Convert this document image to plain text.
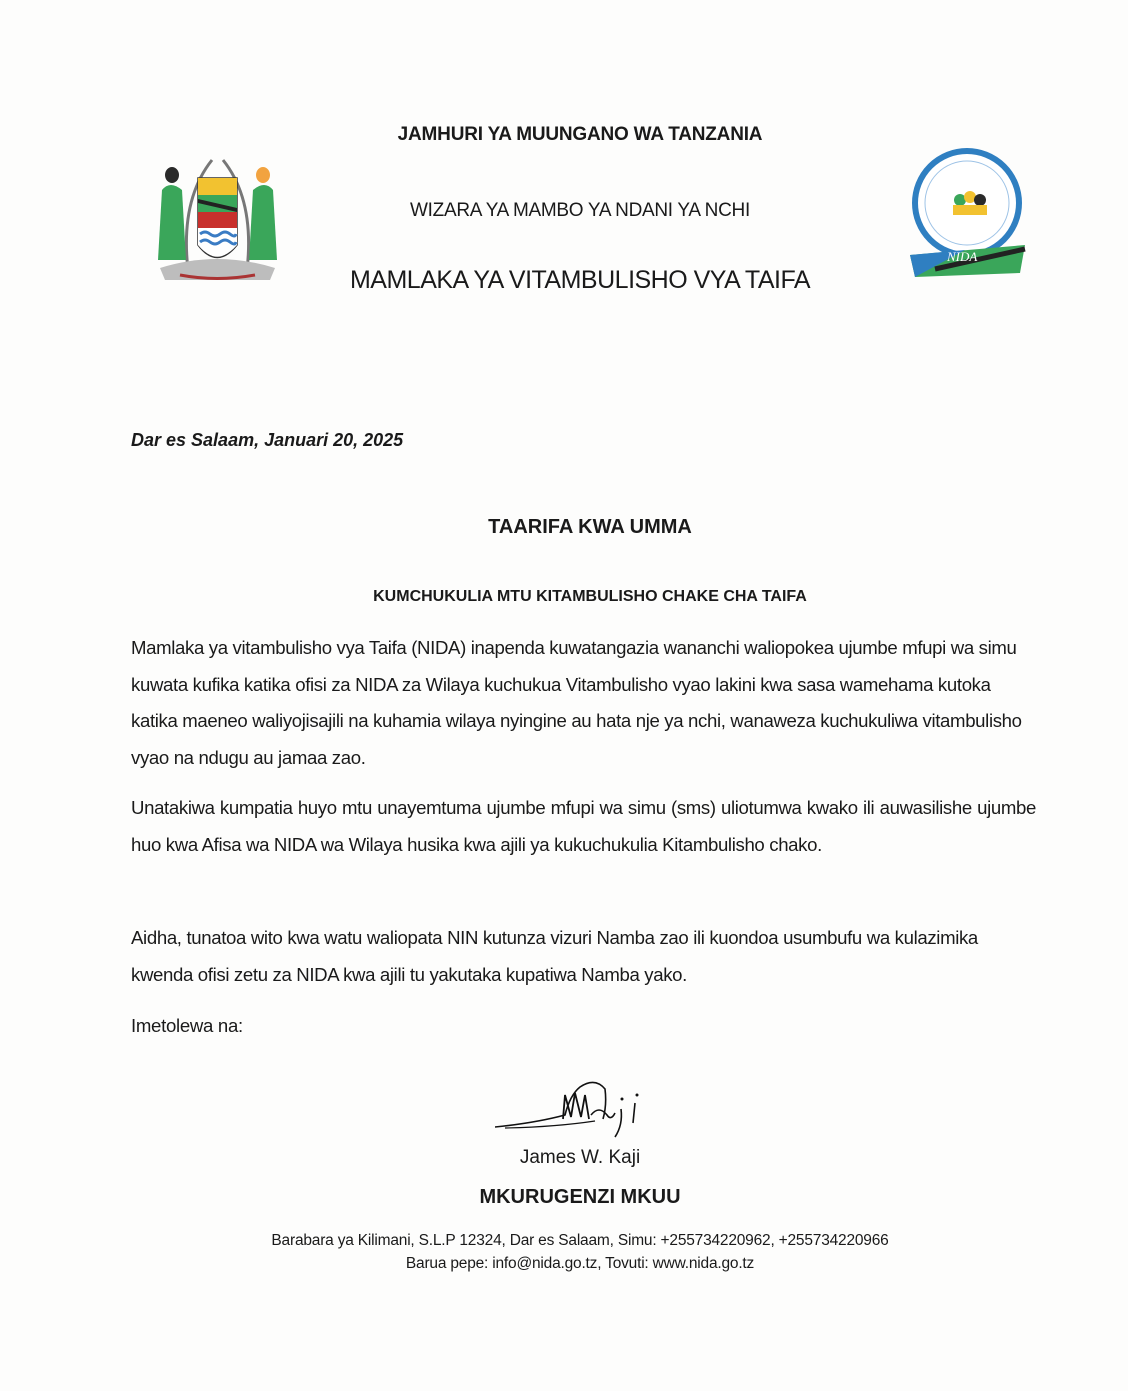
JAMHURI YA MUUNGANO WA TANZANIA
WIZARA YA MAMBO YA NDANI YA NCHI
MAMLAKA YA VITAMBULISHO VYA TAIFA
NIDA
Dar es Salaam, Januari 20, 2025
TAARIFA KWA UMMA
KUMCHUKULIA MTU KITAMBULISHO CHAKE CHA TAIFA
Mamlaka ya vitambulisho vya Taifa (NIDA) inapenda kuwatangazia wananchi waliopokea ujumbe mfupi wa simu kuwata kufika katika ofisi za NIDA za Wilaya kuchukua Vitambulisho vyao lakini kwa sasa wamehama kutoka katika maeneo waliyojisajili na kuhamia wilaya nyingine au hata nje ya nchi, wanaweza kuchukuliwa vitambulisho vyao na ndugu au jamaa zao.
Unatakiwa kumpatia huyo mtu unayemtuma ujumbe mfupi wa simu (sms) uliotumwa kwako ili auwasilishe ujumbe huo kwa Afisa wa NIDA wa Wilaya husika kwa ajili ya kukuchukulia Kitambulisho chako.
Aidha, tunatoa wito kwa watu waliopata NIN kutunza vizuri Namba zao ili kuondoa usumbufu wa kulazimika kwenda ofisi zetu za NIDA kwa ajili tu yakutaka kupatiwa Namba yako.
Imetolewa na:
James W. Kaji
MKURUGENZI MKUU
Barabara ya Kilimani, S.L.P 12324, Dar es Salaam, Simu: +255734220962, +255734220966
Barua pepe: info@nida.go.tz, Tovuti: www.nida.go.tz
